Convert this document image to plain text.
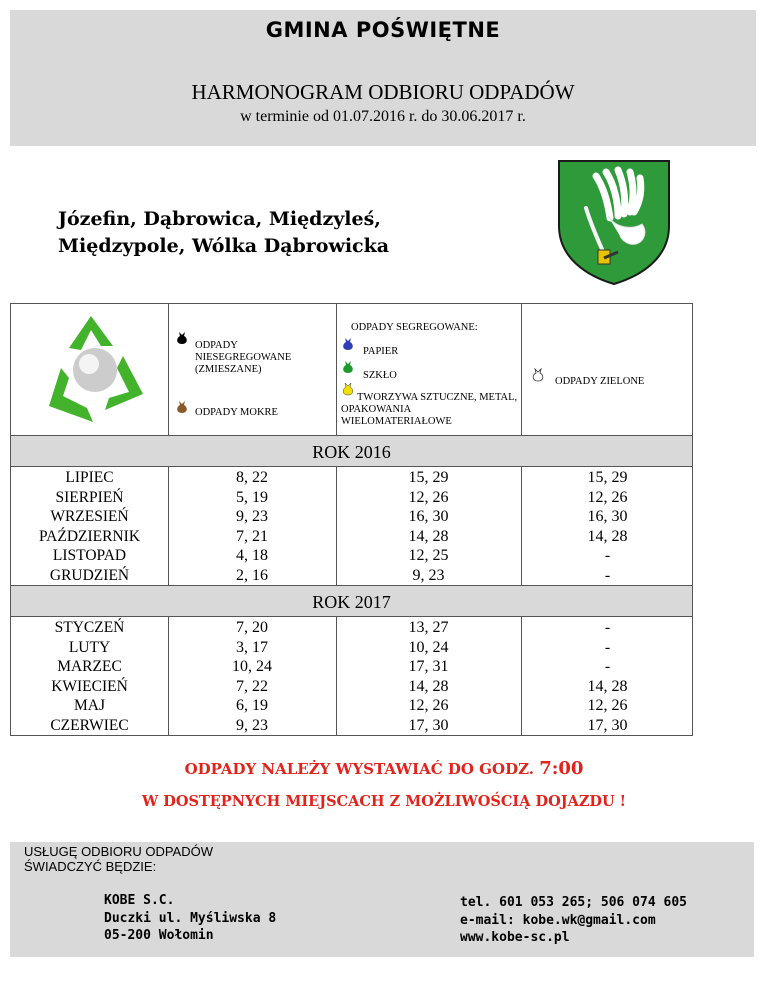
GMINA POŚWIĘTNE
HARMONOGRAM ODBIORU ODPADÓW
w terminie od 01.07.2016 r. do 30.06.2017 r.
Józefin, Dąbrowica, Międzyleś,
Międzypole, Wólka Dąbrowicka
ODPADY NIESEGREGOWANE (ZMIESZANE)
ODPADY MOKRE
ODPADY SEGREGOWANE:
PAPIER
SZKŁO
TWORZYWA SZTUCZNE, METAL, OPAKOWANIA WIELOMATERIAŁOWE
ODPADY ZIELONE
ROK 2016
LIPIEC
SIERPIEŃ
WRZESIEŃ
PAŹDZIERNIK
LISTOPAD
GRUDZIEŃ
8, 22
5, 19
9, 23
7, 21
4, 18
2, 16
15, 29
12, 26
16, 30
14, 28
12, 25
9, 23
15, 29
12, 26
16, 30
14, 28
-
-
ROK 2017
STYCZEŃ
LUTY
MARZEC
KWIECIEŃ
MAJ
CZERWIEC
7, 20
3, 17
10, 24
7, 22
6, 19
9, 23
13, 27
10, 24
17, 31
14, 28
12, 26
17, 30
-
-
-
14, 28
12, 26
17, 30
ODPADY NALEŻY WYSTAWIAĆ DO GODZ. 7:00
W DOSTĘPNYCH MIEJSCACH Z MOŻLIWOŚCIĄ DOJAZDU !
USŁUGĘ ODBIORU ODPADÓW
ŚWIADCZYĆ BĘDZIE:
KOBE S.C.
Duczki ul. Myśliwska 8
05-200 Wołomin
tel. 601 053 265; 506 074 605
e-mail: kobe.wk@gmail.com
www.kobe-sc.pl
